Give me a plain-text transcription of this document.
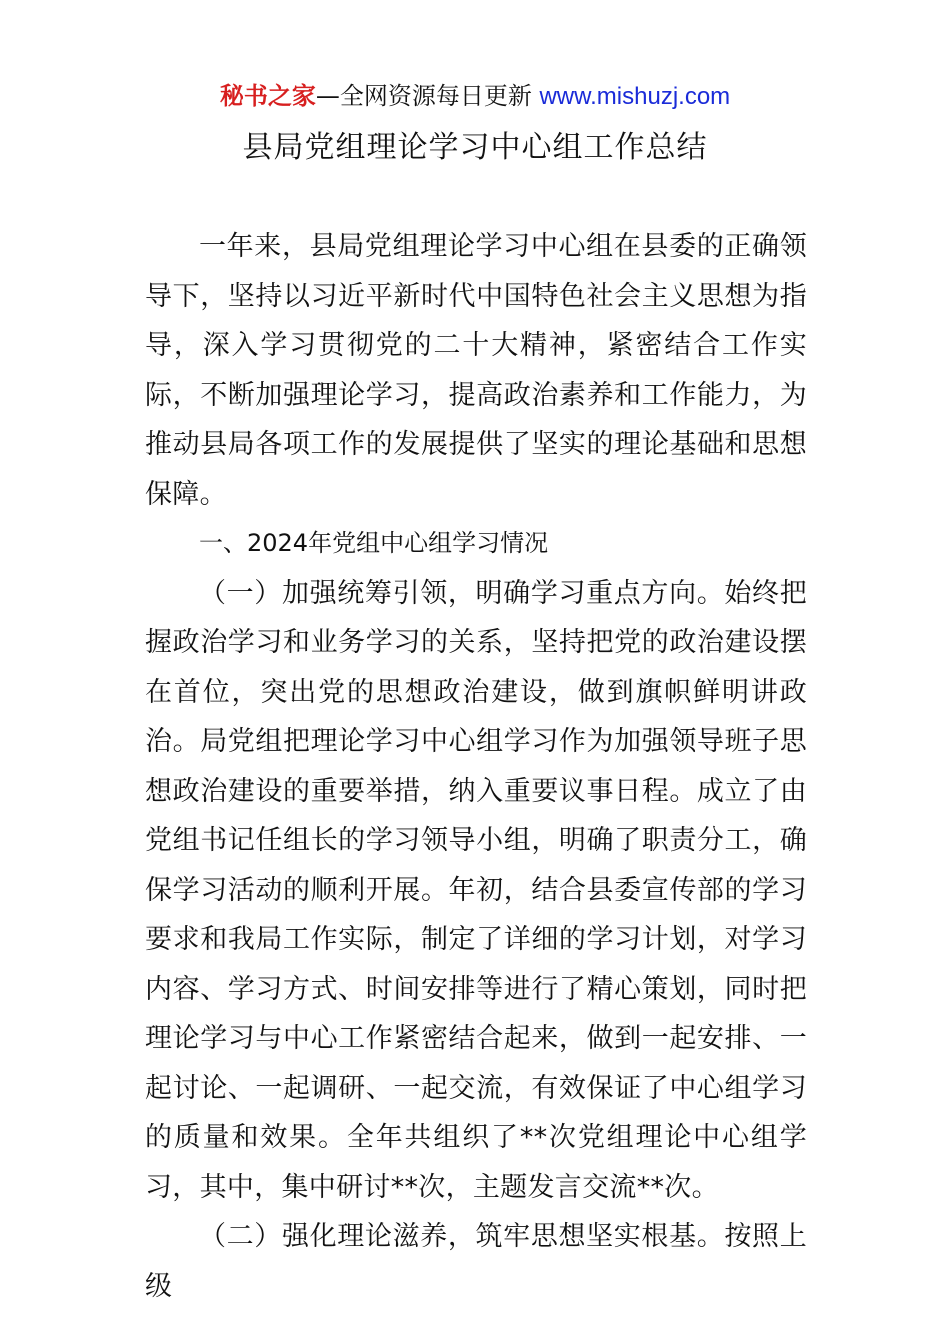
秘书之家—全网资源每日更新 www.mishuzj.com
县局党组理论学习中心组工作总结

一年来，县局党组理论学习中心组在县委的正确领导下，坚持以习近平新时代中国特色社会主义思想为指导，深入学习贯彻党的二十大精神，紧密结合工作实际，不断加强理论学习，提高政治素养和工作能力，为推动县局各项工作的发展提供了坚实的理论基础和思想保障。

一、2024年党组中心组学习情况

（一）加强统筹引领，明确学习重点方向。始终把握政治学习和业务学习的关系，坚持把党的政治建设摆在首位，突出党的思想政治建设，做到旗帜鲜明讲政治。局党组把理论学习中心组学习作为加强领导班子思想政治建设的重要举措，纳入重要议事日程。成立了由党组书记任组长的学习领导小组，明确了职责分工，确保学习活动的顺利开展。年初，结合县委宣传部的学习要求和我局工作实际，制定了详细的学习计划，对学习内容、学习方式、时间安排等进行了精心策划，同时把理论学习与中心工作紧密结合起来，做到一起安排、一起讨论、一起调研、一起交流，有效保证了中心组学习的质量和效果。全年共组织了**次党组理论中心组学习，其中，集中研讨**次，主题发言交流**次。

（二）强化理论滋养，筑牢思想坚实根基。按照上级
